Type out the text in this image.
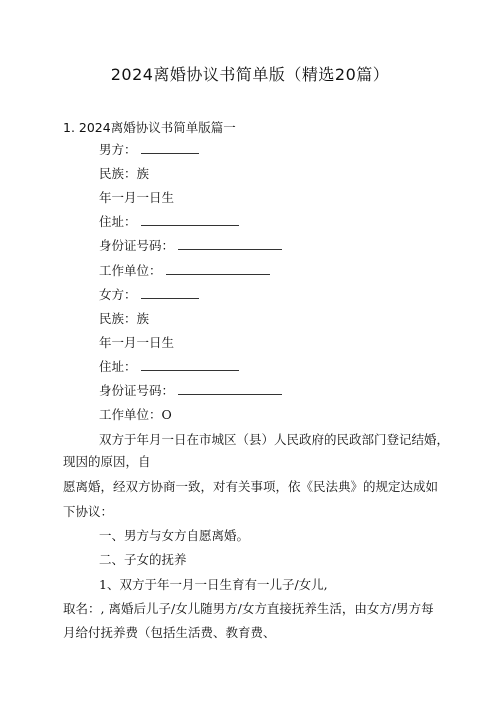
2024离婚协议书简单版（精选20篇）
1. 2024离婚协议书简单版篇一
男方：
民族：族
年一月一日生
住址：
身份证号码：
工作单位：
女方：
民族：族
年一月一日生
住址：
身份证号码：
工作单位：O
双方于年月一日在市城区（县）人民政府的民政部门登记结婚，
现因的原因，自
愿离婚，经双方协商一致，对有关事项，依《民法典》的规定达成如
下协议：
一、男方与女方自愿离婚。
二、子女的抚养
1、双方于年一月一日生育有一儿子/女儿,
取名：, 离婚后儿子/女儿随男方/女方直接抚养生活，由女方/男方每
月给付抚养费（包括生活费、教育费、
